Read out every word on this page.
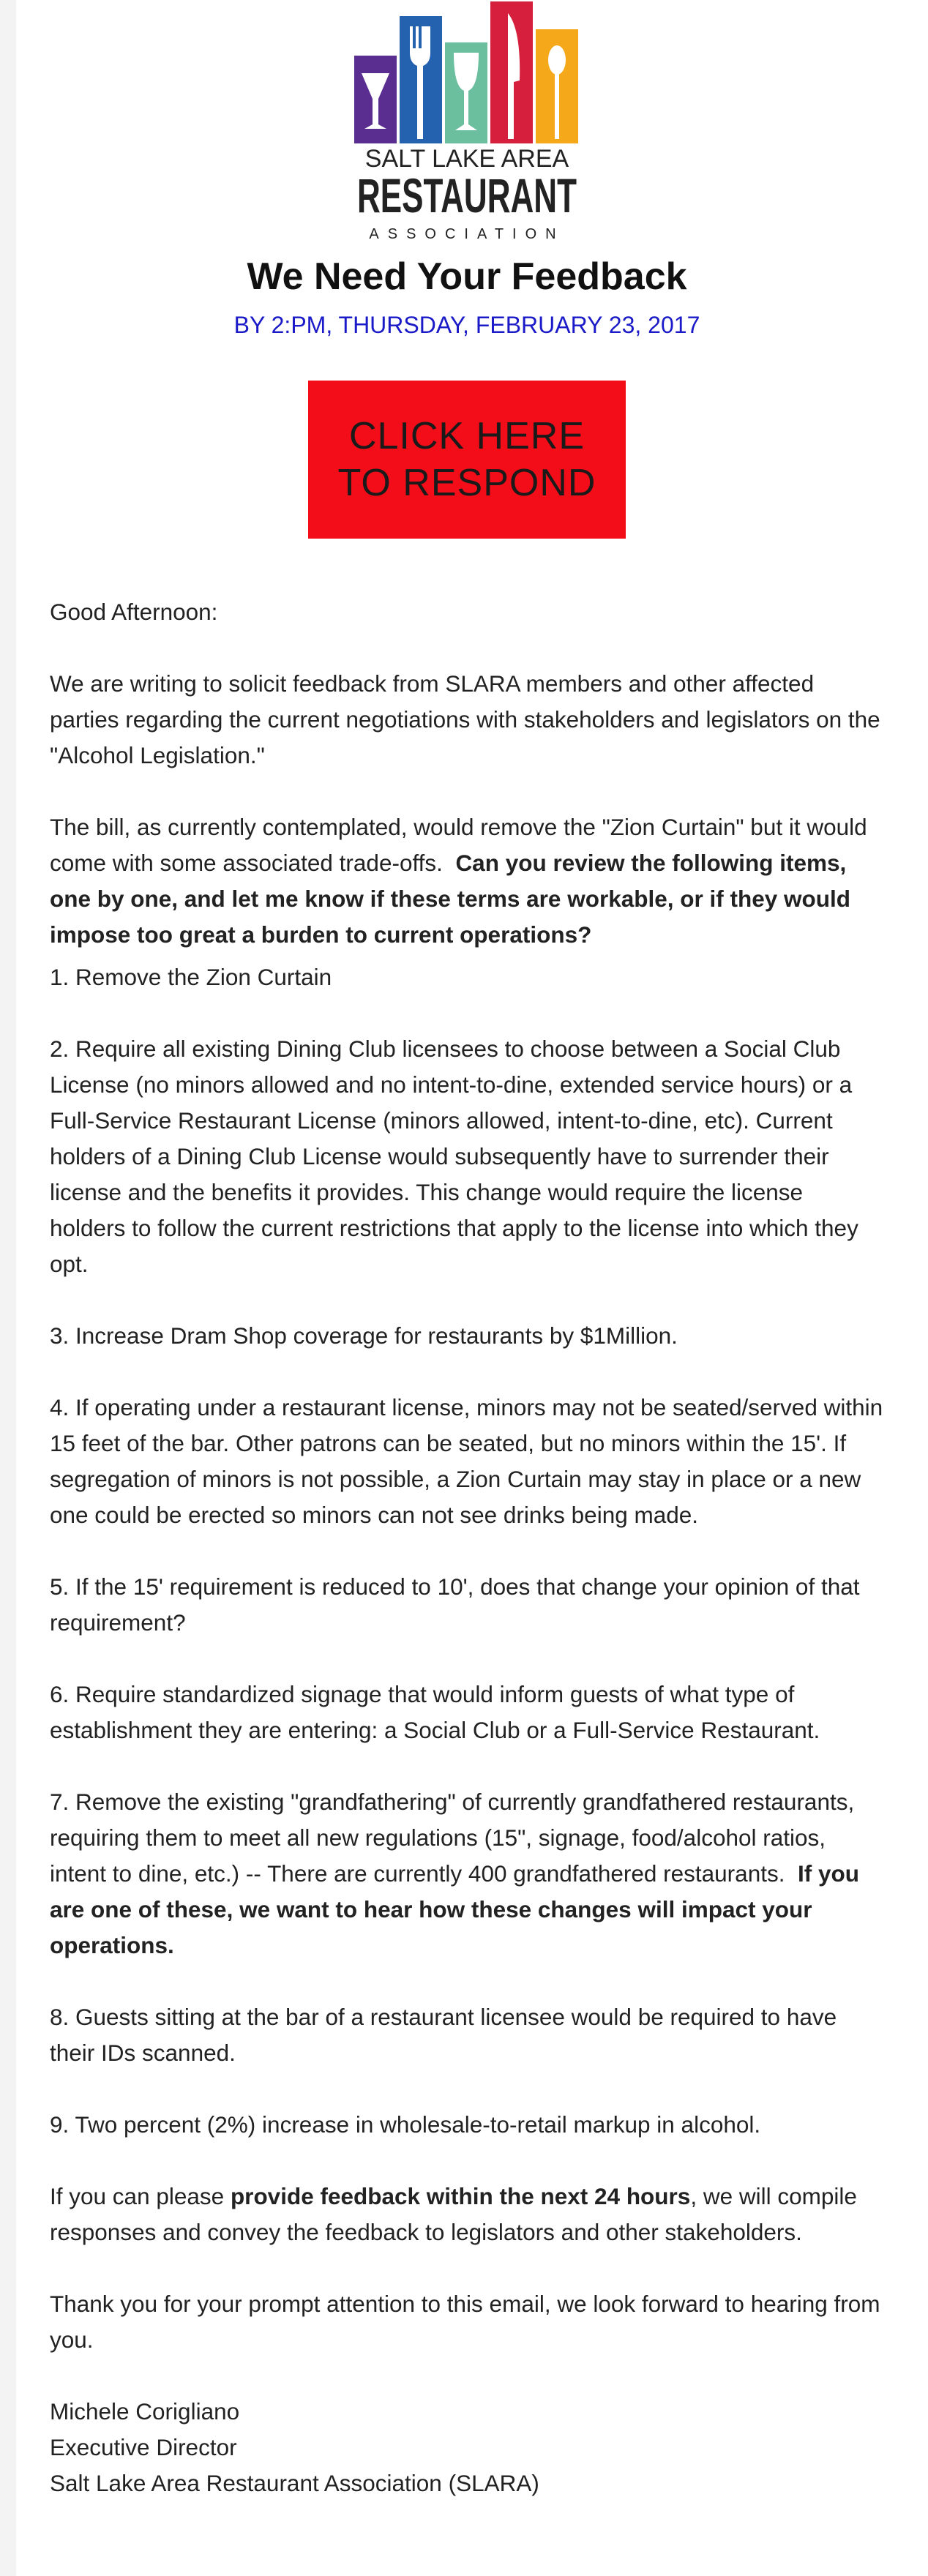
SALT LAKE AREA
RESTAURANT
ASSOCIATION
We Need Your Feedback
BY 2:PM, THURSDAY, FEBRUARY 23, 2017
CLICK HERE
TO RESPOND

Good Afternoon:

We are writing to solicit feedback from SLARA members and other affected parties regarding the current negotiations with stakeholders and legislators on the "Alcohol Legislation."

The bill, as currently contemplated, would remove the "Zion Curtain" but it would come with some associated trade-offs. Can you review the following items, one by one, and let me know if these terms are workable, or if they would impose too great a burden to current operations?

1. Remove the Zion Curtain

2. Require all existing Dining Club licensees to choose between a Social Club License (no minors allowed and no intent-to-dine, extended service hours) or a Full-Service Restaurant License (minors allowed, intent-to-dine, etc). Current holders of a Dining Club License would subsequently have to surrender their license and the benefits it provides. This change would require the license holders to follow the current restrictions that apply to the license into which they opt.

3. Increase Dram Shop coverage for restaurants by $1Million.

4. If operating under a restaurant license, minors may not be seated/served within 15 feet of the bar. Other patrons can be seated, but no minors within the 15'. If segregation of minors is not possible, a Zion Curtain may stay in place or a new one could be erected so minors can not see drinks being made.

5. If the 15' requirement is reduced to 10', does that change your opinion of that requirement?

6. Require standardized signage that would inform guests of what type of establishment they are entering: a Social Club or a Full-Service Restaurant.

7. Remove the existing "grandfathering" of currently grandfathered restaurants, requiring them to meet all new regulations (15", signage, food/alcohol ratios, intent to dine, etc.) -- There are currently 400 grandfathered restaurants. If you are one of these, we want to hear how these changes will impact your operations.

8. Guests sitting at the bar of a restaurant licensee would be required to have their IDs scanned.

9. Two percent (2%) increase in wholesale-to-retail markup in alcohol.

If you can please provide feedback within the next 24 hours, we will compile responses and convey the feedback to legislators and other stakeholders.

Thank you for your prompt attention to this email, we look forward to hearing from you.

Michele Corigliano

Executive Director

Salt Lake Area Restaurant Association (SLARA)
